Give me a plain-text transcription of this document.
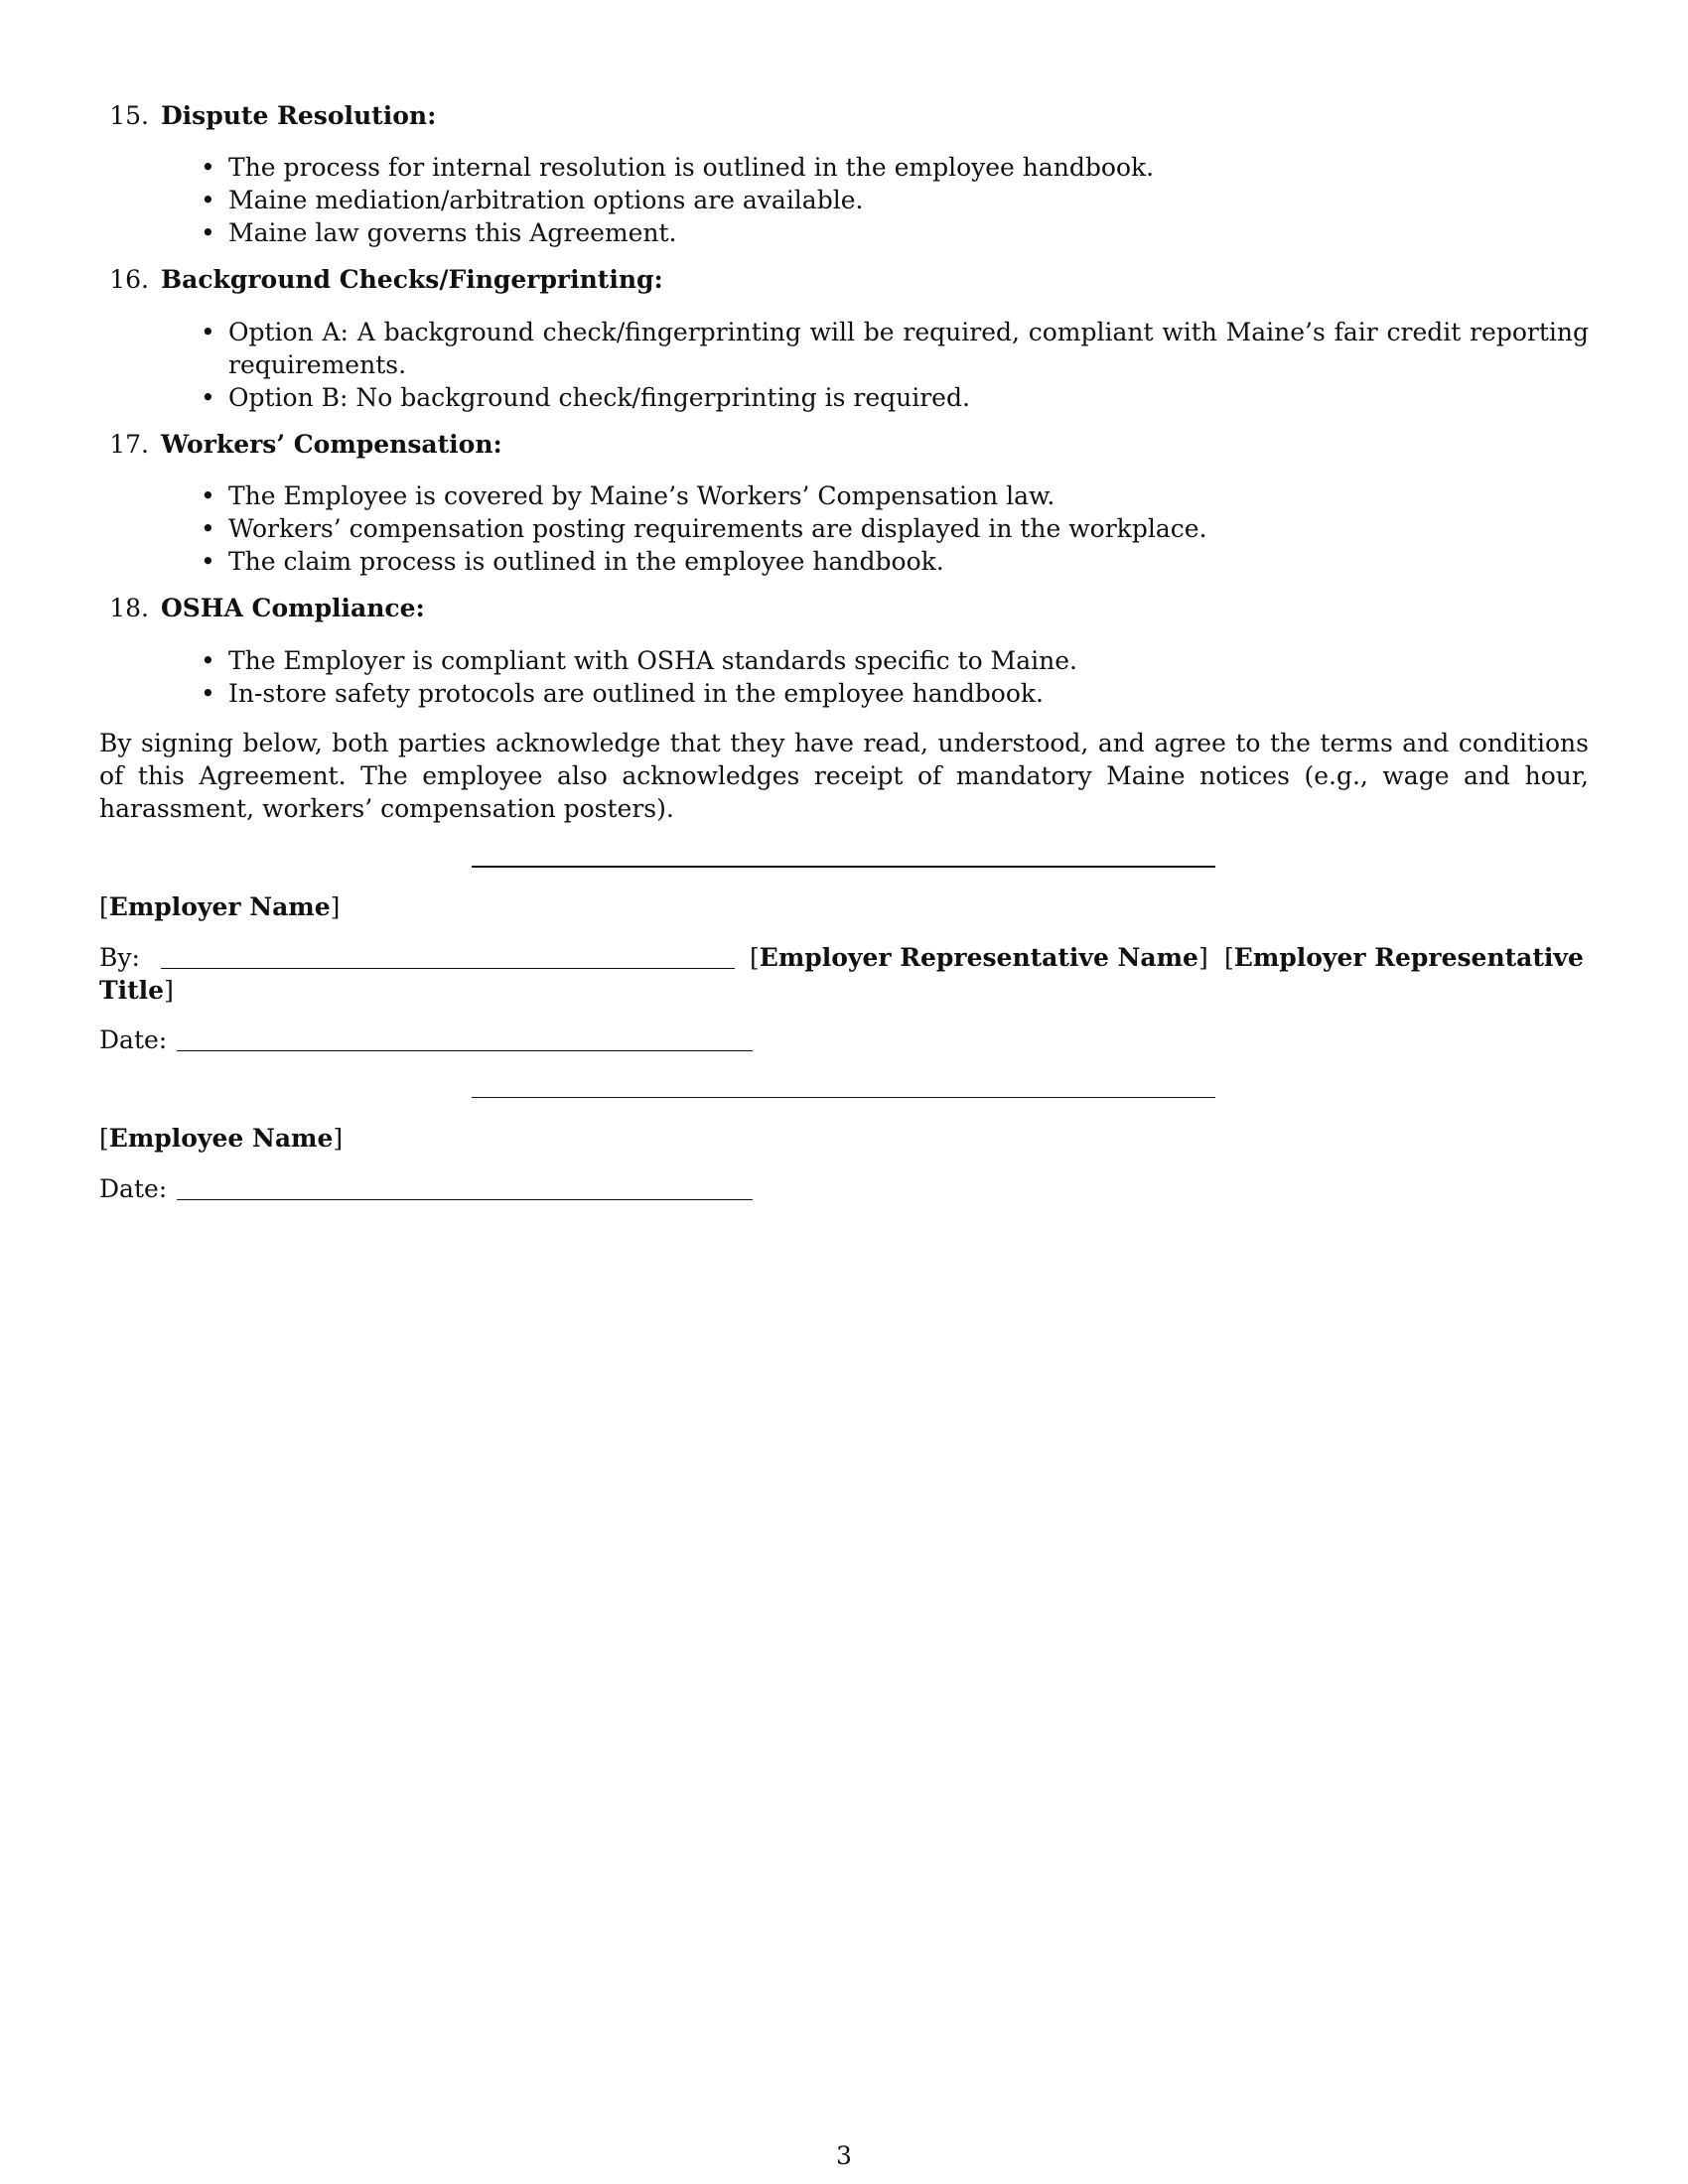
15. Dispute Resolution:
• The process for internal resolution is outlined in the employee handbook.
• Maine mediation/arbitration options are available.
• Maine law governs this Agreement.
16. Background Checks/Fingerprinting:
• Option A: A background check/fingerprinting will be required, compliant with Maine’s fair credit reporting requirements.
• Option B: No background check/fingerprinting is required.
17. Workers’ Compensation:
• The Employee is covered by Maine’s Workers’ Compensation law.
• Workers’ compensation posting requirements are displayed in the workplace.
• The claim process is outlined in the employee handbook.
18. OSHA Compliance:
• The Employer is compliant with OSHA standards specific to Maine.
• In-store safety protocols are outlined in the employee handbook.
By signing below, both parties acknowledge that they have read, understood, and agree to the terms and conditions of this Agreement. The employee also acknowledges receipt of mandatory Maine notices (e.g., wage and hour, harassment, workers’ compensation posters).
[Employer Name]
By:	[Employer Representative Name] [Employer Representative
Title]
Date:
[Employee Name]
Date:
3
